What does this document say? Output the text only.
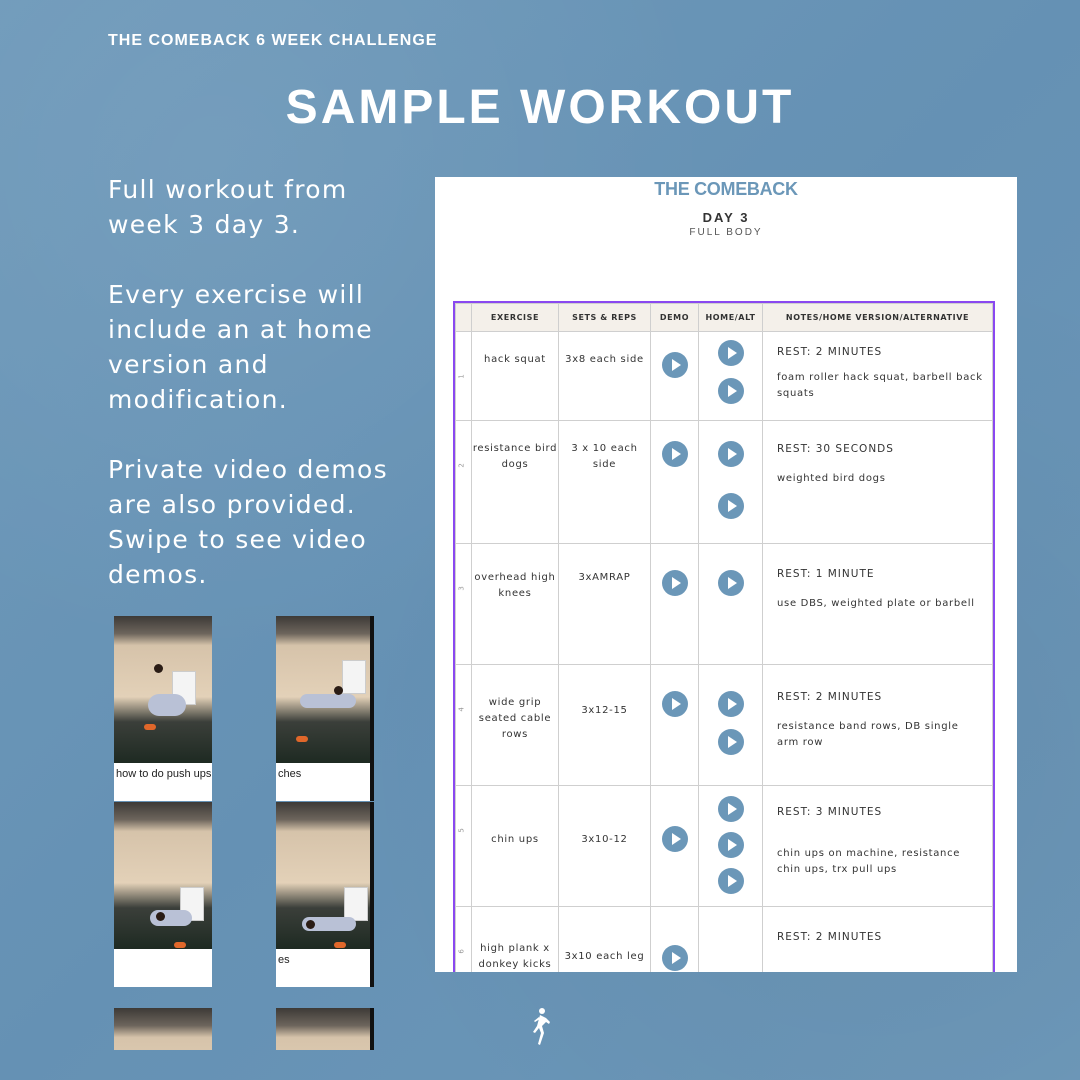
THE COMEBACK 6 WEEK CHALLENGE
SAMPLE WORKOUT

Full workout from week 3 day 3.

Every exercise will include an at home version and modification.

Private video demos are also provided. Swipe to see video demos.

how to do push ups	ches
es
THE COMEBACK
DAY 3
FULL BODY
	EXERCISE	SETS & REPS	DEMO	HOME/ALT	NOTES/HOME VERSION/ALTERNATIVE

1	hack squat	3x8 each side			REST: 2 MINUTES
foam roller hack squat, barbell back squats

2	resistance bird dogs	3 x 10 each side			REST: 30 SECONDS
weighted bird dogs

3	overhead high knees	3xAMRAP			REST: 1 MINUTE
use DBS, weighted plate or barbell

4	wide grip seated cable rows	3x12-15			REST: 2 MINUTES
resistance band rows, DB single arm row

5	chin ups	3x10-12			REST: 3 MINUTES
chin ups on machine, resistance chin ups, trx pull ups

6	high plank x donkey kicks	3x10 each leg			REST: 2 MINUTES
